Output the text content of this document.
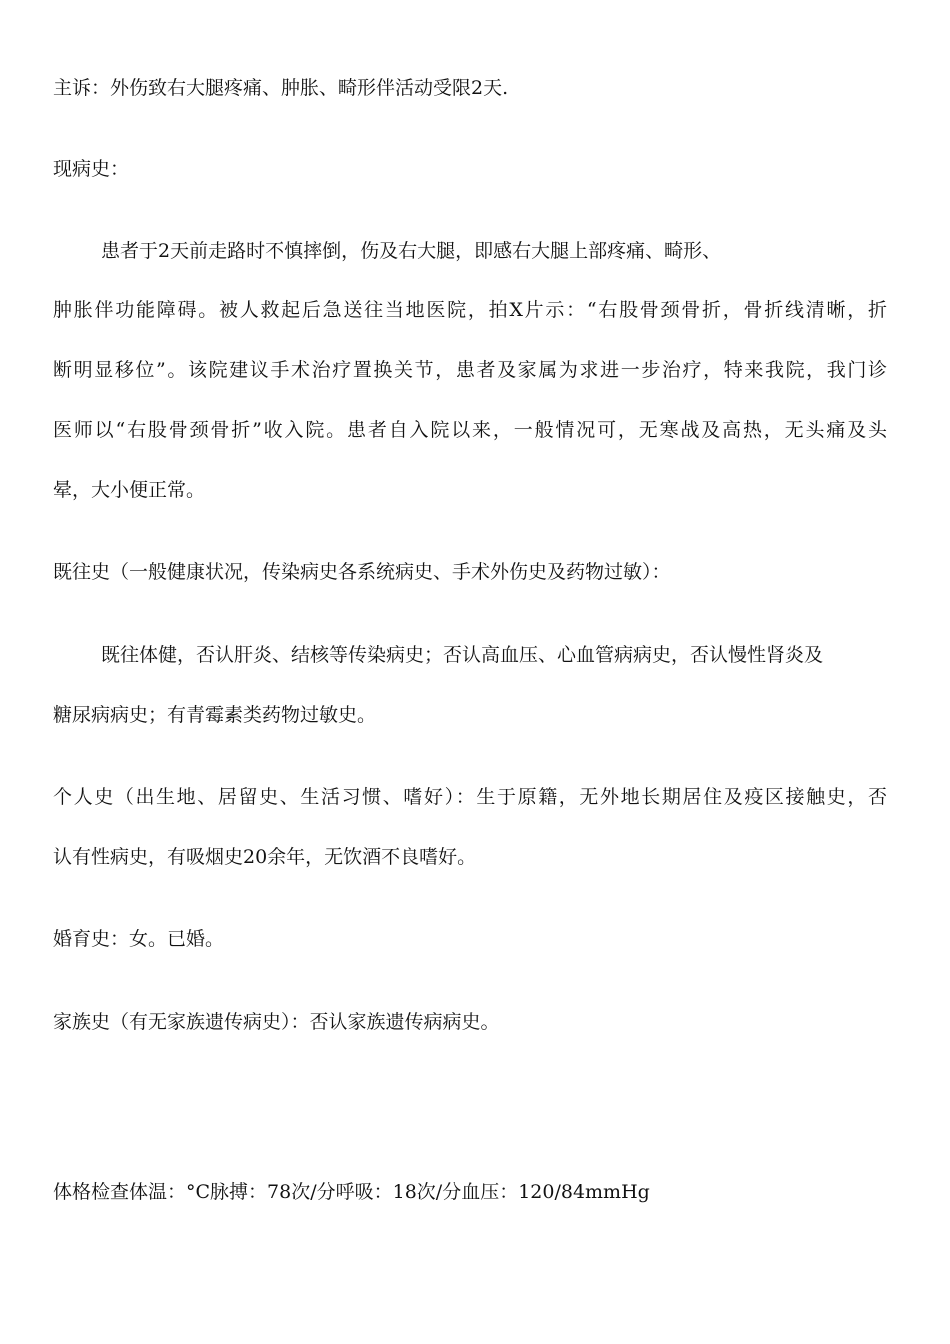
主诉：外伤致右大腿疼痛、肿胀、畸形伴活动受限2天.
现病史：
患者于2天前走路时不慎摔倒，伤及右大腿，即感右大腿上部疼痛、畸形、
肿胀伴功能障碍。被人救起后急送往当地医院，拍X片示：“右股骨颈骨折，骨折线清晰，折
断明显移位”。该院建议手术治疗置换关节，患者及家属为求进一步治疗，特来我院，我门诊
医师以“右股骨颈骨折”收入院。患者自入院以来，一般情况可，无寒战及高热，无头痛及头
晕，大小便正常。
既往史（一般健康状况，传染病史各系统病史、手术外伤史及药物过敏）：
既往体健，否认肝炎、结核等传染病史；否认高血压、心血管病病史，否认慢性肾炎及
糖尿病病史；有青霉素类药物过敏史。
个人史（出生地、居留史、生活习惯、嗜好）：生于原籍，无外地长期居住及疫区接触史，否
认有性病史，有吸烟史20余年，无饮酒不良嗜好。
婚育史：女。已婚。
家族史（有无家族遗传病史）：否认家族遗传病病史。
体格检查体温：°C脉搏：78次/分呼吸：18次/分血压：120/84mmHg
